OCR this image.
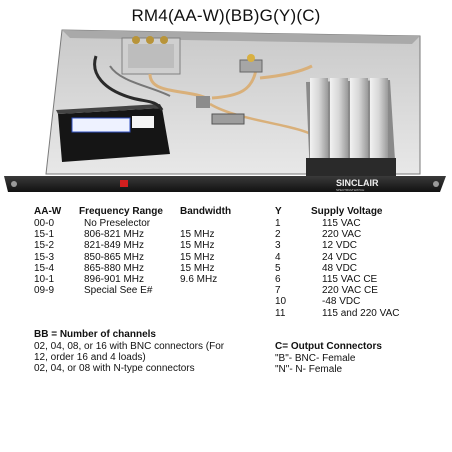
RM4(AA-W)(BB)G(Y)(C)
SINCLAIR
SPECTRUM WATCH
AA-W Frequency Range Bandwidth
00-0
15-1
15-2
15-3
15-4
10-1
09-9
No Preselector
806-821 MHz
821-849 MHz
850-865 MHz
865-880 MHz
896-901 MHz
Special See E#
15 MHz
15 MHz
15 MHz
15 MHz
9.6 MHz
Y	Supply Voltage
1
2
3
4
5
6
7
10
11
115 VAC
220 VAC
12 VDC
24 VDC
48 VDC
115 VAC CE
220 VAC CE
-48 VDC
115 and 220 VAC
BB = Number of channels
02, 04, 08, or 16 with BNC connectors (For
12, order 16 and 4 loads)
02, 04, or 08 with N-type connectors
C= Output Connectors
"B"- BNC- Female
"N"- N- Female
